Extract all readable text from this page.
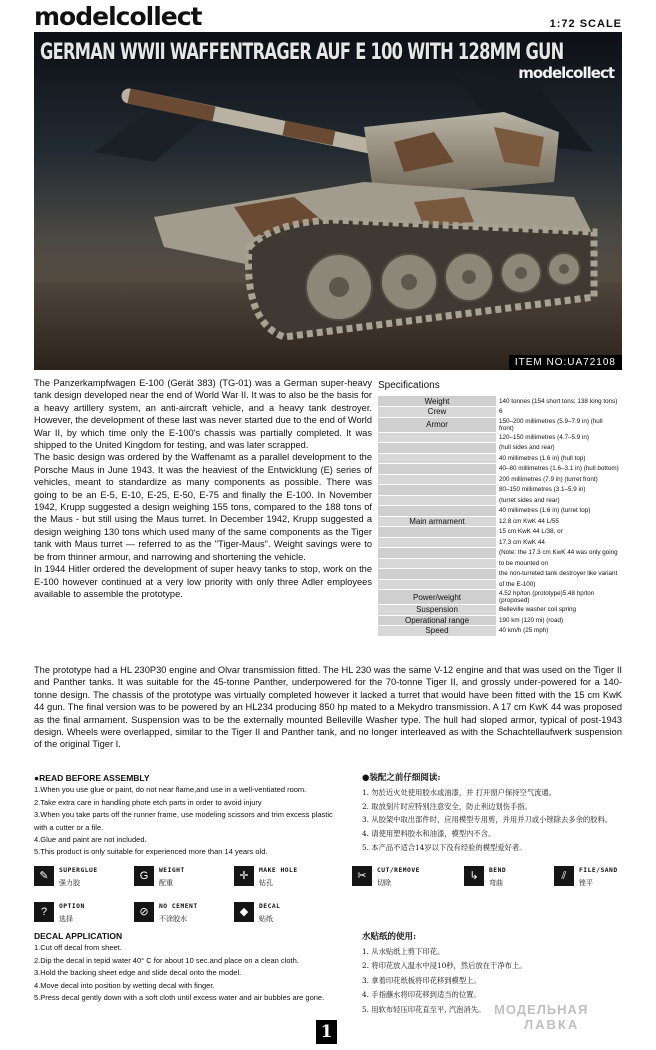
modelcollect	1:72 SCALE
GERMAN WWII WAFFENTRAGER AUF E 100 WITH 128MM GUN
modelcollect
ITEM NO:UA72108

The Panzerkampfwagen E-100 (Gerät 383) (TG-01) was a German super-heavy tank design developed near the end of World War II. It was to also be the basis for a heavy artillery system, an anti-aircraft vehicle, and a heavy tank destroyer. However, the development of these last was never started due to the end of World War II, by which time only the E-100's chassis was partially completed. It was shipped to the United Kingdom for testing, and was later scrapped.

The basic design was ordered by the Waffenamt as a parallel development to the Porsche Maus in June 1943. It was the heaviest of the Entwicklung (E) series of vehicles, meant to standardize as many components as possible. There was going to be an E-5, E-10, E-25, E-50, E-75 and finally the E-100. In November 1942, Krupp suggested a design weighing 155 tons, compared to the 188 tons of the Maus - but still using the Maus turret. In December 1942, Krupp suggested a design weighing 130 tons which used many of the same components as the Tiger tank with Maus turret — referred to as the "Tiger-Maus". Weight savings were to be from thinner armour, and narrowing and shortening the vehicle.

In 1944 Hitler ordered the development of super heavy tanks to stop, work on the E-100 however continued at a very low priority with only three Adler employees available to assemble the prototype.

Specifications
Weight	140 tonnes (154 short tons; 138 long tons)
Crew	6
Armor	150–200 millimetres (5.9–7.9 in) (hull front)
	120–150 millimetres (4.7–5.9 in)
	(hull sides and rear)
	40 millimetres (1.6 in) (hull top)
	40–80 millimetres (1.6–3.1 in) (hull bottom)
	200 millimetres (7.9 in) (turret front)
	80–150 millimetres (3.1–5.9 in)
	(turret sides and rear)
	40 millimetres (1.6 in) (turret top)
Main armament	12.8 cm KwK 44 L/55
	15 cm KwK 44 L/38, or
	17.3 cm KwK 44
	(Note: the 17.3 cm KwK 44 was only going
	to be mounted on
	the non-turreted tank destroyer like variant
	of the E-100)
Power/weight	4.52 hp/ton (prototype)5.48 hp/ton (proposed)
Suspension	Belleville washer coil spring
Operational range	190 km (120 mi) (road)
Speed	40 km/h (25 mph)
The prototype had a HL 230P30 engine and Olvar transmission fitted. The HL 230 was the same V-12 engine and that was used on the Tiger II and Panther tanks. It was suitable for the 45-tonne Panther, underpowered for the 70-tonne Tiger II, and grossly under-powered for a 140-tonne design. The chassis of the prototype was virtually completed however it lacked a turret that would have been fitted with the 15 cm KwK 44 gun. The final version was to be powered by an HL234 producing 850 hp mated to a Mekydro transmission. A 17 cm KwK 44 was proposed as the final armament. Suspension was to be the externally mounted Belleville Washer type. The hull had sloped armor, typical of post-1943 design. Wheels were overlapped, similar to the Tiger II and Panther tank, and no longer interleaved as with the Schachtellaufwerk suspension of the original Tiger I.
●READ BEFORE ASSEMBLY
1.When you use glue or paint, do not near flame,and use in a well-ventiated room.
2.Take extra care in handling phote etch parts in order to avoid injury
3.When you take parts off the runner frame, use modeling scissors and trim excess plastic with a cutter or a file.
4.Glue and paint are not included.
5.This product is only suitable for experienced more than 14 years old.
●装配之前仔细阅读:
1. 勿於近火处使用胶水或油漆，并 打开窗户保持空气流通。
2. 取放刻片时应特别注意安全，防止利边划伤手指。
3. 从胶架中取出部件时，应用模型专用剪，并用并刀或小锉除去多余的胶料。
4. 请使用塑料胶水和油漆，模型内不含。
5. 本产品不适合14岁以下没有经验的模型爱好者。
✎	SUPERGLUE
强力胶
G	WEIGHT
配重
✛	MAKE HOLE
钻孔
✂	CUT/REMOVE
切除
↳	BEND
弯曲
⫽	FILE/SAND
锉平
?	OPTION
选择
⊘	NO CEMENT
不涂胶水
◆	DECAL
贴纸
DECAL APPLICATION
1.Cut off decal from sheet.
2.Dip the decal in tepid water 40° C for about 10 sec.and place on a clean cloth.
3.Hold the backing sheet edge and slide decal onto the model.
4.Move decal into position by wetting decal with finger.
5.Press decal gently down with a soft cloth until excess water and air bubbles are gone.
水贴纸的使用:
1. 从水贴纸上剪下印花。
2. 将印花放入温水中浸10秒，然后放在干净布上。
3. 拿着印花纸板将印花移到模型上。
4. 手指蘸水将印花移到适当的位置。
5. 用软布轻压印花直至平, 汽泡消失。 МОДЕЛЬНАЯ
ЛАВКА
1
